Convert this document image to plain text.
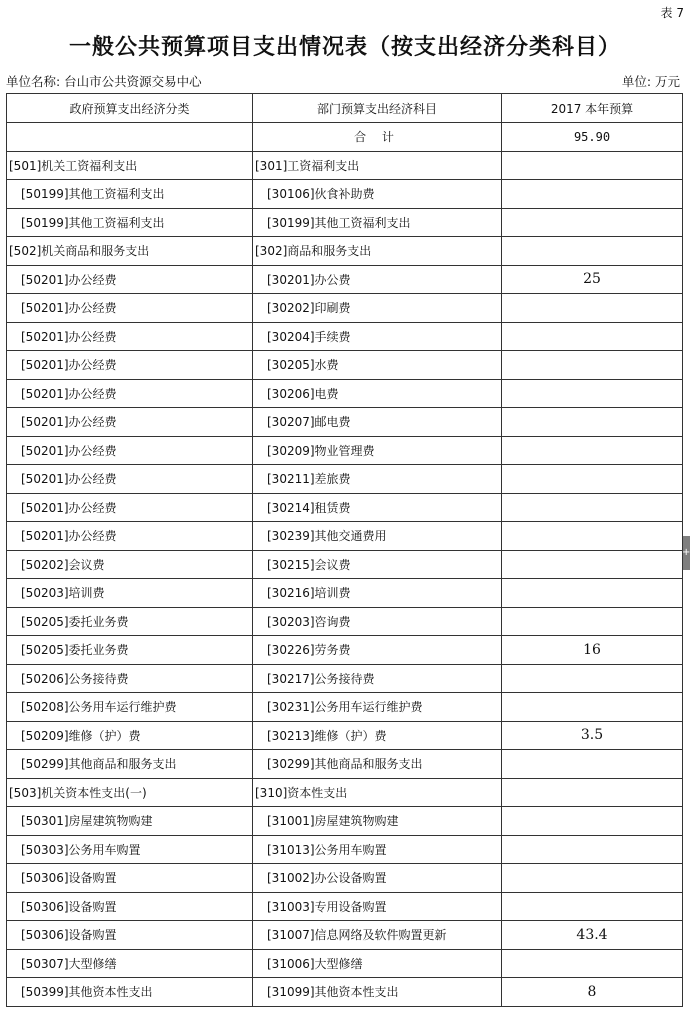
表 7
一般公共预算项目支出情况表（按支出经济分类科目）
单位名称: 台山市公共资源交易中心	单位: 万元
+
政府预算支出经济分类	部门预算支出经济科目	2017 本年预算
	合 计	95.90
[501]机关工资福利支出	[301]工资福利支出	
[50199]其他工资福利支出	[30106]伙食补助费	
[50199]其他工资福利支出	[30199]其他工资福利支出	
[502]机关商品和服务支出	[302]商品和服务支出	
[50201]办公经费	[30201]办公费	25
[50201]办公经费	[30202]印刷费	
[50201]办公经费	[30204]手续费	
[50201]办公经费	[30205]水费	
[50201]办公经费	[30206]电费	
[50201]办公经费	[30207]邮电费	
[50201]办公经费	[30209]物业管理费	
[50201]办公经费	[30211]差旅费	
[50201]办公经费	[30214]租赁费	
[50201]办公经费	[30239]其他交通费用	
[50202]会议费	[30215]会议费	
[50203]培训费	[30216]培训费	
[50205]委托业务费	[30203]咨询费	
[50205]委托业务费	[30226]劳务费	16
[50206]公务接待费	[30217]公务接待费	
[50208]公务用车运行维护费	[30231]公务用车运行维护费	
[50209]维修（护）费	[30213]维修（护）费	3.5
[50299]其他商品和服务支出	[30299]其他商品和服务支出	
[503]机关资本性支出(一)	[310]资本性支出	
[50301]房屋建筑物购建	[31001]房屋建筑物购建	
[50303]公务用车购置	[31013]公务用车购置	
[50306]设备购置	[31002]办公设备购置	
[50306]设备购置	[31003]专用设备购置	
[50306]设备购置	[31007]信息网络及软件购置更新	43.4
[50307]大型修缮	[31006]大型修缮	
[50399]其他资本性支出	[31099]其他资本性支出	8
